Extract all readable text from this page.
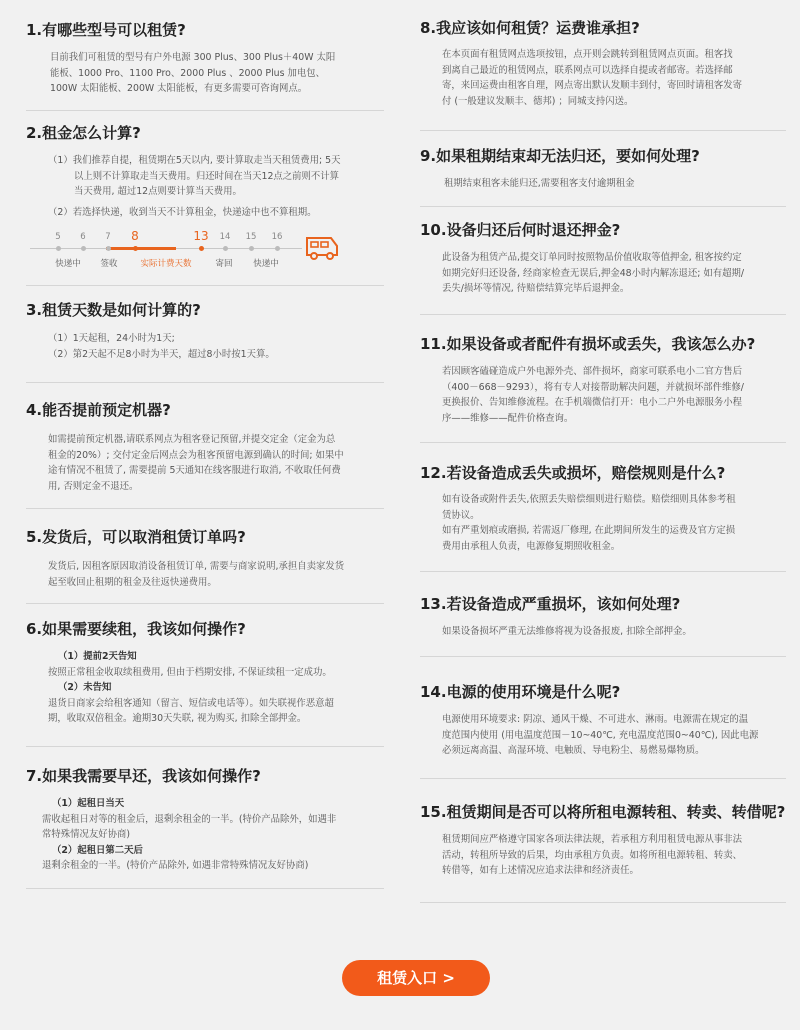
1.有哪些型号可以租赁?

目前我们可租赁的型号有户外电源 300 Plus、300 Plus＋40W 太阳

能板、1000 Pro、1100 Pro、2000 Plus 、2000 Plus 加电包、

100W 太阳能板、200W 太阳能板，有更多需要可咨询网点。

2.租金怎么计算?

（1）我们推荐自提，租赁期在5天以内, 要计算取走当天租赁费用; 5天

以上则不计算取走当天费用。归还时间在当天12点之前则不计算

当天费用, 超过12点则要计算当天费用。

（2）若选择快递，收到当天不计算租金，快递途中也不算租期。

5	6	7	8	13	14	15	16
快递中	签收	实际计费天数	寄回	快递中
3.租赁天数是如何计算的?

（1）1天起租，24小时为1天;

（2）第2天起不足8小时为半天，超过8小时按1天算。

4.能否提前预定机器?

如需提前预定机器,请联系网点为租客登记预留,并提交定金（定金为总

租金的20%）; 交付定金后网点会为租客预留电源到确认的时间; 如果中

途有情况不租赁了, 需要提前 5天通知在线客服进行取消, 不收取任何费

用, 否则定金不退还。

5.发货后，可以取消租赁订单吗?

发货后, 因租客原因取消设备租赁订单, 需要与商家说明,承担自卖家发货

起至收回止租期的租金及往返快递费用。

6.如果需要续租，我该如何操作?

（1）提前2天告知

按照正常租金收取续租费用, 但由于档期安排, 不保证续租一定成功。

（2）未告知

退货日商家会给租客通知（留言、短信或电话等）。如失联视作恶意超

期，收取双倍租金。逾期30天失联, 视为购买, 扣除全部押金。

7.如果我需要早还，我该如何操作?

（1）起租日当天

需收起租日对等的租金后，退剩余租金的一半。(特价产品除外，如遇非

常特殊情况友好协商)

（2）起租日第二天后

退剩余租金的一半。(特价产品除外, 如遇非常特殊情况友好协商)

8.我应该如何租赁？运费谁承担?

在本页面有租赁网点选项按钮，点开则会跳转到租赁网点页面。租客找

到离自己最近的租赁网点，联系网点可以选择自提或者邮寄。若选择邮

寄，来回运费由租客自理，网点寄出默认发顺丰到付，寄回时请租客发寄

付 (一般建议发顺丰、德邦) ；同城支持闪送。

9.如果租期结束却无法归还，要如何处理?

租期结束租客未能归还,需要租客支付逾期租金

10.设备归还后何时退还押金?

此设备为租赁产品,提交订单同时按照物品价值收取等值押金, 租客按约定

如期完好归还设备, 经商家检查无误后,押金48小时内解冻退还; 如有超期/

丢失/损坏等情况, 待赔偿结算完毕后退押金。

11.如果设备或者配件有损坏或丢失，我该怎么办?

若因顾客磕碰造成户外电源外壳、部件损坏，商家可联系电小二官方售后

（400－668－9293），将有专人对接帮助解决问题，并就损坏部件维修/

更换报价、告知维修流程。在手机端微信打开：电小二户外电源服务小程

序——维修——配件价格查询。

12.若设备造成丢失或损坏，赔偿规则是什么?

如有设备或附件丢失,依照丢失赔偿细则进行赔偿。赔偿细则具体参考租

赁协议。

如有严重划痕或磨损, 若需返厂修理, 在此期间所发生的运费及官方定损

费用由承租人负责，电源修复期照收租金。

13.若设备造成严重损坏，该如何处理?

如果设备损坏严重无法维修将视为设备报废, 扣除全部押金。

14.电源的使用环境是什么呢?

电源使用环境要求: 阴凉、通风干燥、不可进水、淋雨。电源需在规定的温

度范围内使用 (用电温度范围－10~40℃, 充电温度范围0~40℃), 因此电源

必须远离高温、高湿环境、电触质、导电粉尘、易燃易爆物质。

15.租赁期间是否可以将所租电源转租、转卖、转借呢?

租赁期间应严格遵守国家各项法律法规，若承租方利用租赁电源从事非法

活动，转租所导致的后果，均由承租方负责。如将所租电源转租、转卖、

转借等，如有上述情况应追求法律和经济责任。

租赁入口 >
